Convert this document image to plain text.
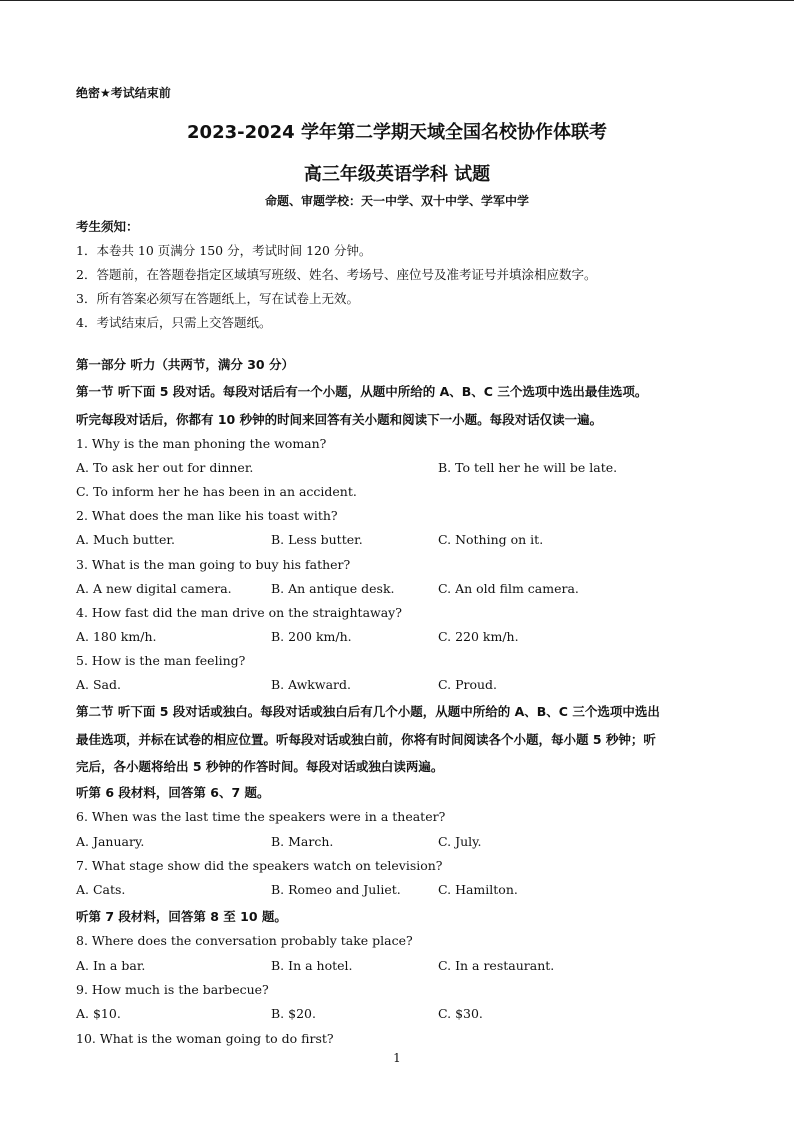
绝密★考试结束前
2023-2024 学年第二学期天域全国名校协作体联考
高三年级英语学科 试题
命题、审题学校：天一中学、双十中学、学军中学
考生须知：
1．本卷共 10 页满分 150 分，考试时间 120 分钟。
2．答题前，在答题卷指定区域填写班级、姓名、考场号、座位号及准考证号并填涂相应数字。
3．所有答案必须写在答题纸上，写在试卷上无效。
4．考试结束后，只需上交答题纸。
第一部分 听力（共两节，满分 30 分）
第一节 听下面 5 段对话。每段对话后有一个小题，从题中所给的 A、B、C 三个选项中选出最佳选项。
听完每段对话后，你都有 10 秒钟的时间来回答有关小题和阅读下一小题。每段对话仅读一遍。
1. Why is the man phoning the woman?
A. To ask her out for dinner.	B. To tell her he will be late.
C. To inform her he has been in an accident.
2. What does the man like his toast with?
A. Much butter.	B. Less butter.	C. Nothing on it.
3. What is the man going to buy his father?
A. A new digital camera.	B. An antique desk.	C. An old film camera.
4. How fast did the man drive on the straightaway?
A. 180 km/h.	B. 200 km/h.	C. 220 km/h.
5. How is the man feeling?
A. Sad.	B. Awkward.	C. Proud.
第二节 听下面 5 段对话或独白。每段对话或独白后有几个小题，从题中所给的 A、B、C 三个选项中选出
最佳选项，并标在试卷的相应位置。听每段对话或独白前，你将有时间阅读各个小题，每小题 5 秒钟；听
完后，各小题将给出 5 秒钟的作答时间。每段对话或独白读两遍。
听第 6 段材料，回答第 6、7 题。
6. When was the last time the speakers were in a theater?
A. January.	B. March.	C. July.
7. What stage show did the speakers watch on television?
A. Cats.	B. Romeo and Juliet.	C. Hamilton.
听第 7 段材料，回答第 8 至 10 题。
8. Where does the conversation probably take place?
A. In a bar.	B. In a hotel.	C. In a restaurant.
9. How much is the barbecue?
A. $10.	B. $20.	C. $30.
10. What is the woman going to do first?
1
